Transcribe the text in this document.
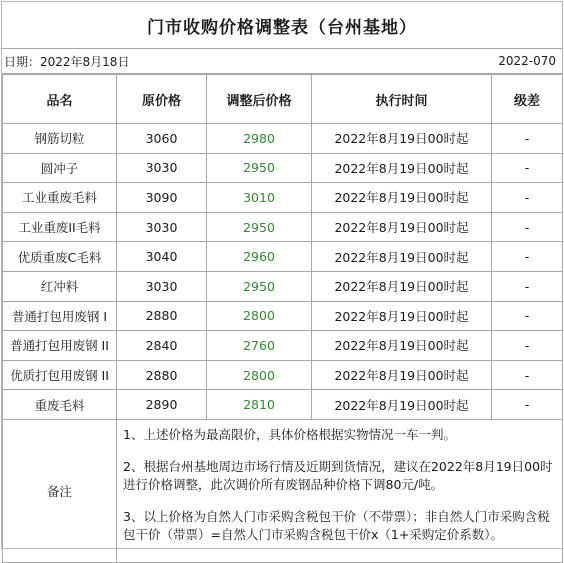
门市收购价格调整表（台州基地）
日期：2022年8月18日	2022-070
品名	原价格	调整后价格	执行时间	级差
钢筋切粒	3060	2980	2022年8月19日00时起	-
圆冲子	3030	2950	2022年8月19日00时起	-
工业重废毛料	3090	3010	2022年8月19日00时起	-
工业重废II毛料	3030	2950	2022年8月19日00时起	-
优质重废C毛料	3040	2960	2022年8月19日00时起	-
红冲料	3030	2950	2022年8月19日00时起	-
普通打包用废钢 I	2880	2800	2022年8月19日00时起	-
普通打包用废钢 II	2840	2760	2022年8月19日00时起	-
优质打包用废钢 II	2880	2800	2022年8月19日00时起	-
重废毛料	2890	2810	2022年8月19日00时起	-
备注	1、上述价格为最高限价，具体价格根据实物情况一车一判。
2、根据台州基地周边市场行情及近期到货情况，建议在2022年8月19日00时进行价格调整，此次调价所有废钢品种价格下调80元/吨。
3、以上价格为自然人门市采购含税包干价（不带票）；非自然人门市采购含税包干价（带票）=自然人门市采购含税包干价x（1+采购定价系数）。			
